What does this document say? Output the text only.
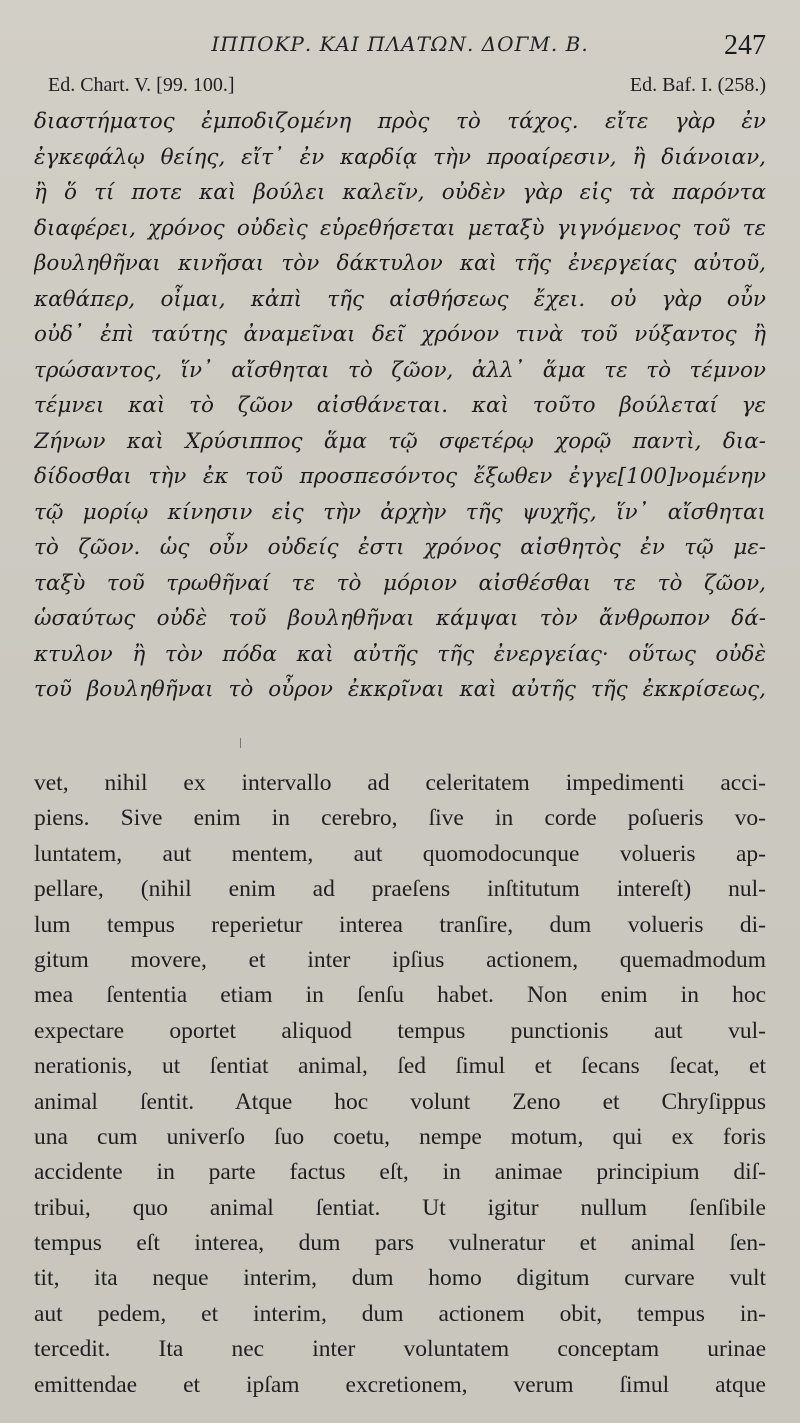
ΙΠΠΟΚΡ. ΚΑΙ ΠΛΑΤΩΝ. ΔΟΓΜ. Β.	247
Ed. Chart. V. [99. 100.]	Ed. Baf. I. (258.)
διαστήματος ἐμποδιζομένη πρὸς τὸ τάχος. εἴτε γὰρ ἐν
ἐγκεφάλῳ θείης, εἴτ᾽ ἐν καρδίᾳ τὴν προαίρεσιν, ἢ διάνοιαν,
ἢ ὅ τί ποτε καὶ βούλει καλεῖν, οὐδὲν γὰρ εἰς τὰ παρόντα
διαφέρει, χρόνος οὐδεὶς εὑρεθήσεται μεταξὺ γιγνόμενος τοῦ τε
βουληθῆναι κινῆσαι τὸν δάκτυλον καὶ τῆς ἐνεργείας αὐτοῦ,
καθάπερ, οἶμαι, κἀπὶ τῆς αἰσθήσεως ἔχει. οὐ γὰρ οὖν
οὐδ᾽ ἐπὶ ταύτης ἀναμεῖναι δεῖ χρόνον τινὰ τοῦ νύξαντος ἢ
τρώσαντος, ἵν᾽ αἴσθηται τὸ ζῶον, ἀλλ᾽ ἅμα τε τὸ τέμνον
τέμνει καὶ τὸ ζῶον αἰσθάνεται. καὶ τοῦτο βούλεταί γε
Ζήνων καὶ Χρύσιππος ἅμα τῷ σφετέρῳ χορῷ παντὶ, δια-
δίδοσθαι τὴν ἐκ τοῦ προσπεσόντος ἔξωθεν ἐγγε[100]νομένην
τῷ μορίῳ κίνησιν εἰς τὴν ἀρχὴν τῆς ψυχῆς, ἵν᾽ αἴσθηται
τὸ ζῶον. ὡς οὖν οὐδείς ἐστι χρόνος αἰσθητὸς ἐν τῷ με-
ταξὺ τοῦ τρωθῆναί τε τὸ μόριον αἰσθέσθαι τε τὸ ζῶον,
ὡσαύτως οὐδὲ τοῦ βουληθῆναι κάμψαι τὸν ἄνθρωπον δά-
κτυλον ἢ τὸν πόδα καὶ αὐτῆς τῆς ἐνεργείας· οὕτως οὐδὲ
τοῦ βουληθῆναι τὸ οὖρον ἐκκρῖναι καὶ αὐτῆς τῆς ἐκκρίσεως,
vet, nihil ex intervallo ad celeritatem impedimenti acci-
piens. Sive enim in cerebro, ſive in corde poſueris vo-
luntatem, aut mentem, aut quomodocunque volueris ap-
pellare, (nihil enim ad praeſens inſtitutum intereſt) nul-
lum tempus reperietur interea tranſire, dum volueris di-
gitum movere, et inter ipſius actionem, quemadmodum
mea ſententia etiam in ſenſu habet. Non enim in hoc
expectare oportet aliquod tempus punctionis aut vul-
nerationis, ut ſentiat animal, ſed ſimul et ſecans ſecat, et
animal ſentit. Atque hoc volunt Zeno et Chryſippus
una cum univerſo ſuo coetu, nempe motum, qui ex foris
accidente in parte factus eſt, in animae principium diſ-
tribui, quo animal ſentiat. Ut igitur nullum ſenſibile
tempus eſt interea, dum pars vulneratur et animal ſen-
tit, ita neque interim, dum homo digitum curvare vult
aut pedem, et interim, dum actionem obit, tempus in-
tercedit. Ita nec inter voluntatem conceptam urinae
emittendae et ipſam excretionem, verum ſimul atque
